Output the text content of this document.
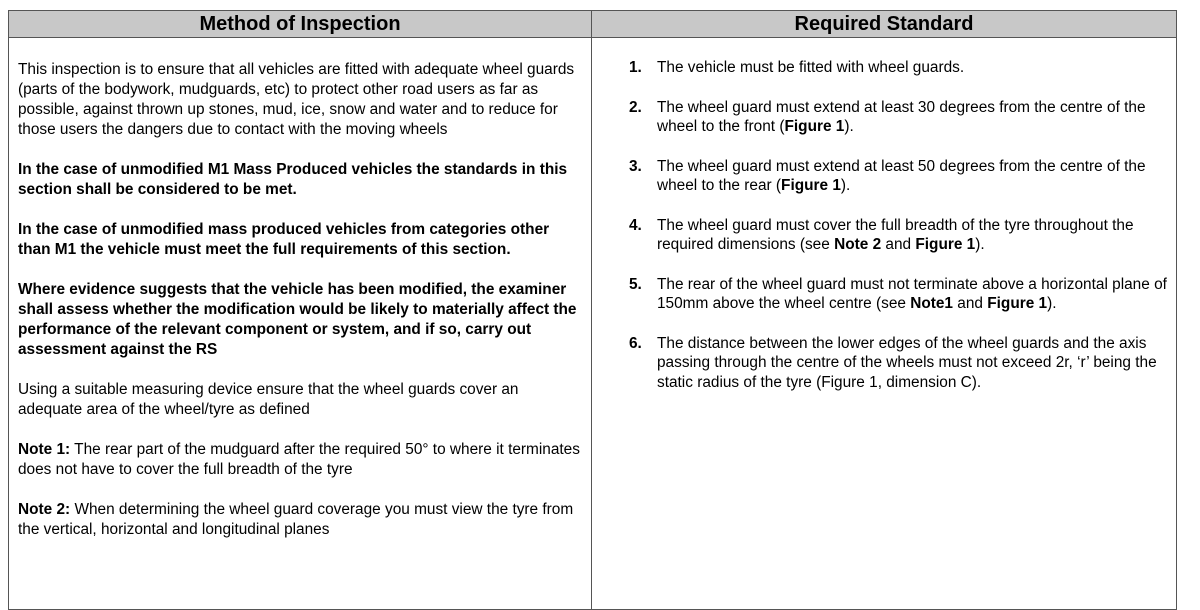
Method of Inspection

This inspection is to ensure that all vehicles are fitted with adequate wheel guards (parts of the bodywork, mudguards, etc) to protect other road users as far as possible, against thrown up stones, mud, ice, snow and water and to reduce for those users the dangers due to contact with the moving wheels

In the case of unmodified M1 Mass Produced vehicles the standards in this section shall be considered to be met.

In the case of unmodified mass produced vehicles from categories other than M1 the vehicle must meet the full requirements of this section.

Where evidence suggests that the vehicle has been modified, the examiner shall assess whether the modification would be likely to materially affect the performance of the relevant component or system, and if so, carry out assessment against the RS

Using a suitable measuring device ensure that the wheel guards cover an adequate area of the wheel/tyre as defined

Note 1: The rear part of the mudguard after the required 50° to where it terminates does not have to cover the full breadth of the tyre

Note 2: When determining the wheel guard coverage you must view the tyre from the vertical, horizontal and longitudinal planes

Required Standard
1. The vehicle must be fitted with wheel guards.
2. The wheel guard must extend at least 30 degrees from the centre of the wheel to the front (Figure 1).
3. The wheel guard must extend at least 50 degrees from the centre of the wheel to the rear (Figure 1).
4. The wheel guard must cover the full breadth of the tyre throughout the required dimensions (see Note 2 and Figure 1).
5. The rear of the wheel guard must not terminate above a horizontal plane of 150mm above the wheel centre (see Note1 and Figure 1).
6. The distance between the lower edges of the wheel guards and the axis passing through the centre of the wheels must not exceed 2r, ‘r’ being the static radius of the tyre (Figure 1, dimension C).
